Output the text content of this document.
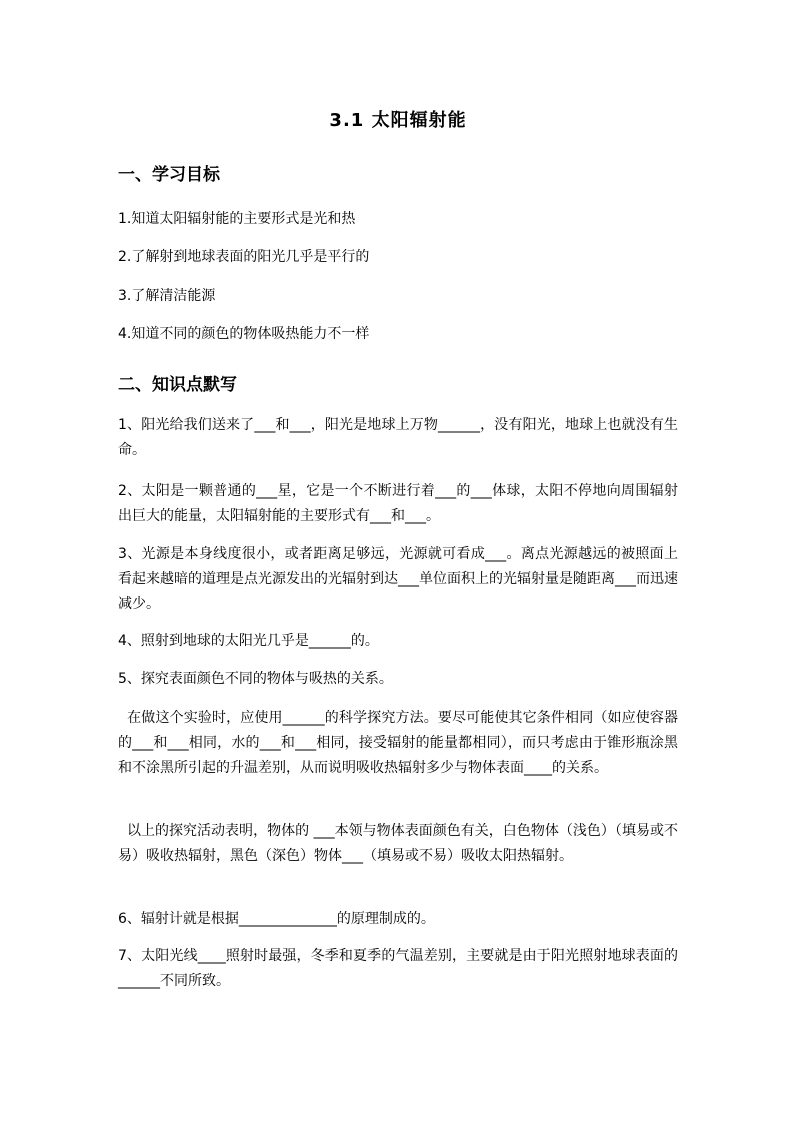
3.1 太阳辐射能
一、学习目标
1.知道太阳辐射能的主要形式是光和热
2.了解射到地球表面的阳光几乎是平行的
3.了解清洁能源
4.知道不同的颜色的物体吸热能力不一样
二、知识点默写
1、阳光给我们送来了___和___，阳光是地球上万物______，没有阳光，地球上也就没有生命。
2、太阳是一颗普通的___星，它是一个不断进行着___的___体球，太阳不停地向周围辐射出巨大的能量，太阳辐射能的主要形式有___和___。
3、光源是本身线度很小，或者距离足够远，光源就可看成___。离点光源越远的被照面上看起来越暗的道理是点光源发出的光辐射到达___单位面积上的光辐射量是随距离___而迅速减少。
4、照射到地球的太阳光几乎是______的。
5、探究表面颜色不同的物体与吸热的关系。
在做这个实验时，应使用______的科学探究方法。要尽可能使其它条件相同（如应使容器的___和___相同，水的___和___相同，接受辐射的能量都相同），而只考虑由于锥形瓶涂黑和不涂黑所引起的升温差别，从而说明吸收热辐射多少与物体表面____的关系。
以上的探究活动表明，物体的 ___本领与物体表面颜色有关，白色物体（浅色）（填易或不易）吸收热辐射，黑色（深色）物体___（填易或不易）吸收太阳热辐射。
6、辐射计就是根据______________的原理制成的。
7、太阳光线____照射时最强，冬季和夏季的气温差别，主要就是由于阳光照射地球表面的______不同所致。
